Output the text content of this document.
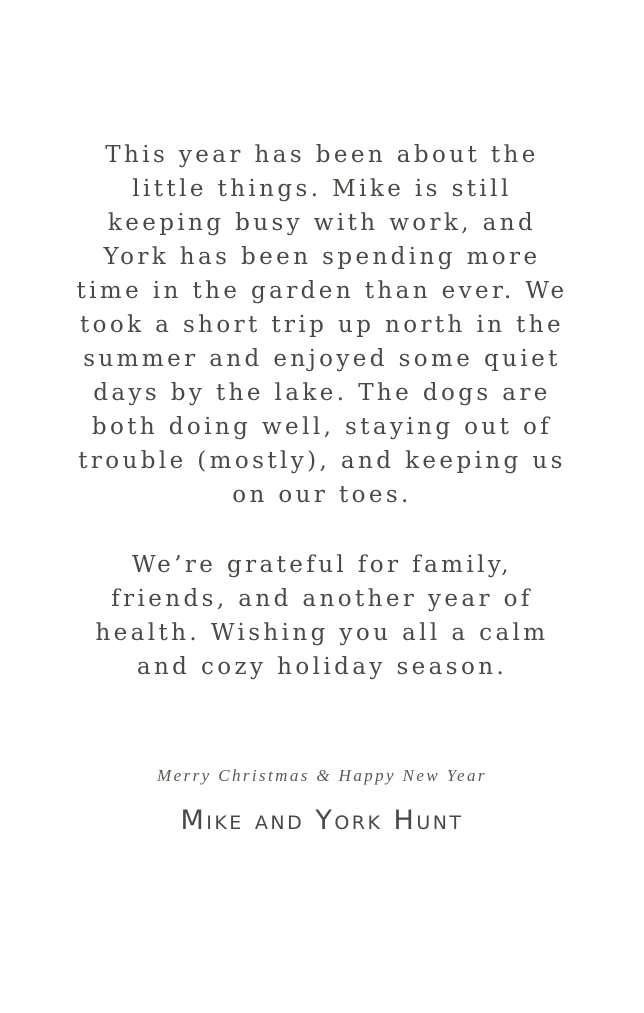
This year has been about the little things. Mike is still keeping busy with work, and York has been spending more time in the garden than ever. We took a short trip up north in the summer and enjoyed some quiet days by the lake. The dogs are both doing well, staying out of trouble (mostly), and keeping us on our toes.

We’re grateful for family, friends, and another year of health. Wishing you all a calm and cozy holiday season.

Merry Christmas & Happy New Year

Mike and York Hunt
